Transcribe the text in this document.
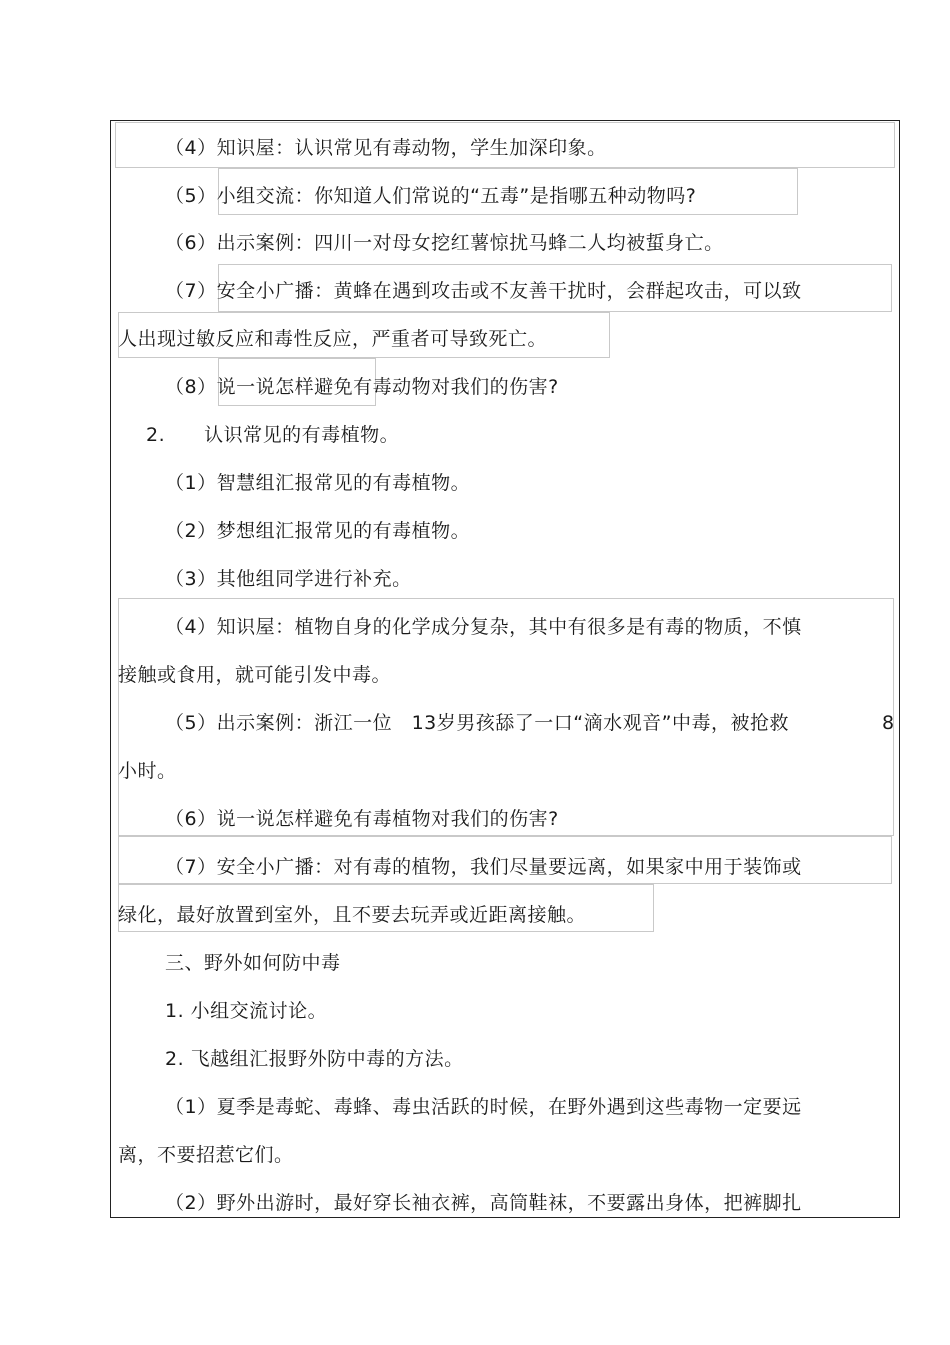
（4）知识屋：认识常见有毒动物，学生加深印象。
（5）小组交流：你知道人们常说的“五毒”是指哪五种动物吗?
（6）出示案例：四川一对母女挖红薯惊扰马蜂二人均被蜇身亡。
（7）安全小广播：黄蜂在遇到攻击或不友善干扰时，会群起攻击，可以致
人出现过敏反应和毒性反应，严重者可导致死亡。
（8）说一说怎样避免有毒动物对我们的伤害?
2.　　认识常见的有毒植物。
（1）智慧组汇报常见的有毒植物。
（2）梦想组汇报常见的有毒植物。
（3）其他组同学进行补充。
（4）知识屋：植物自身的化学成分复杂，其中有很多是有毒的物质，不慎
接触或食用，就可能引发中毒。
（5）出示案例：浙江一位　13岁男孩舔了一口“滴水观音”中毒，被抢救	8
小时。
（6）说一说怎样避免有毒植物对我们的伤害?
（7）安全小广播：对有毒的植物，我们尽量要远离，如果家中用于装饰或
绿化，最好放置到室外，且不要去玩弄或近距离接触。
三、野外如何防中毒
1. 小组交流讨论。
2. 飞越组汇报野外防中毒的方法。
（1）夏季是毒蛇、毒蜂、毒虫活跃的时候，在野外遇到这些毒物一定要远
离，不要招惹它们。
（2）野外出游时，最好穿长袖衣裤，高筒鞋袜，不要露出身体，把裤脚扎
